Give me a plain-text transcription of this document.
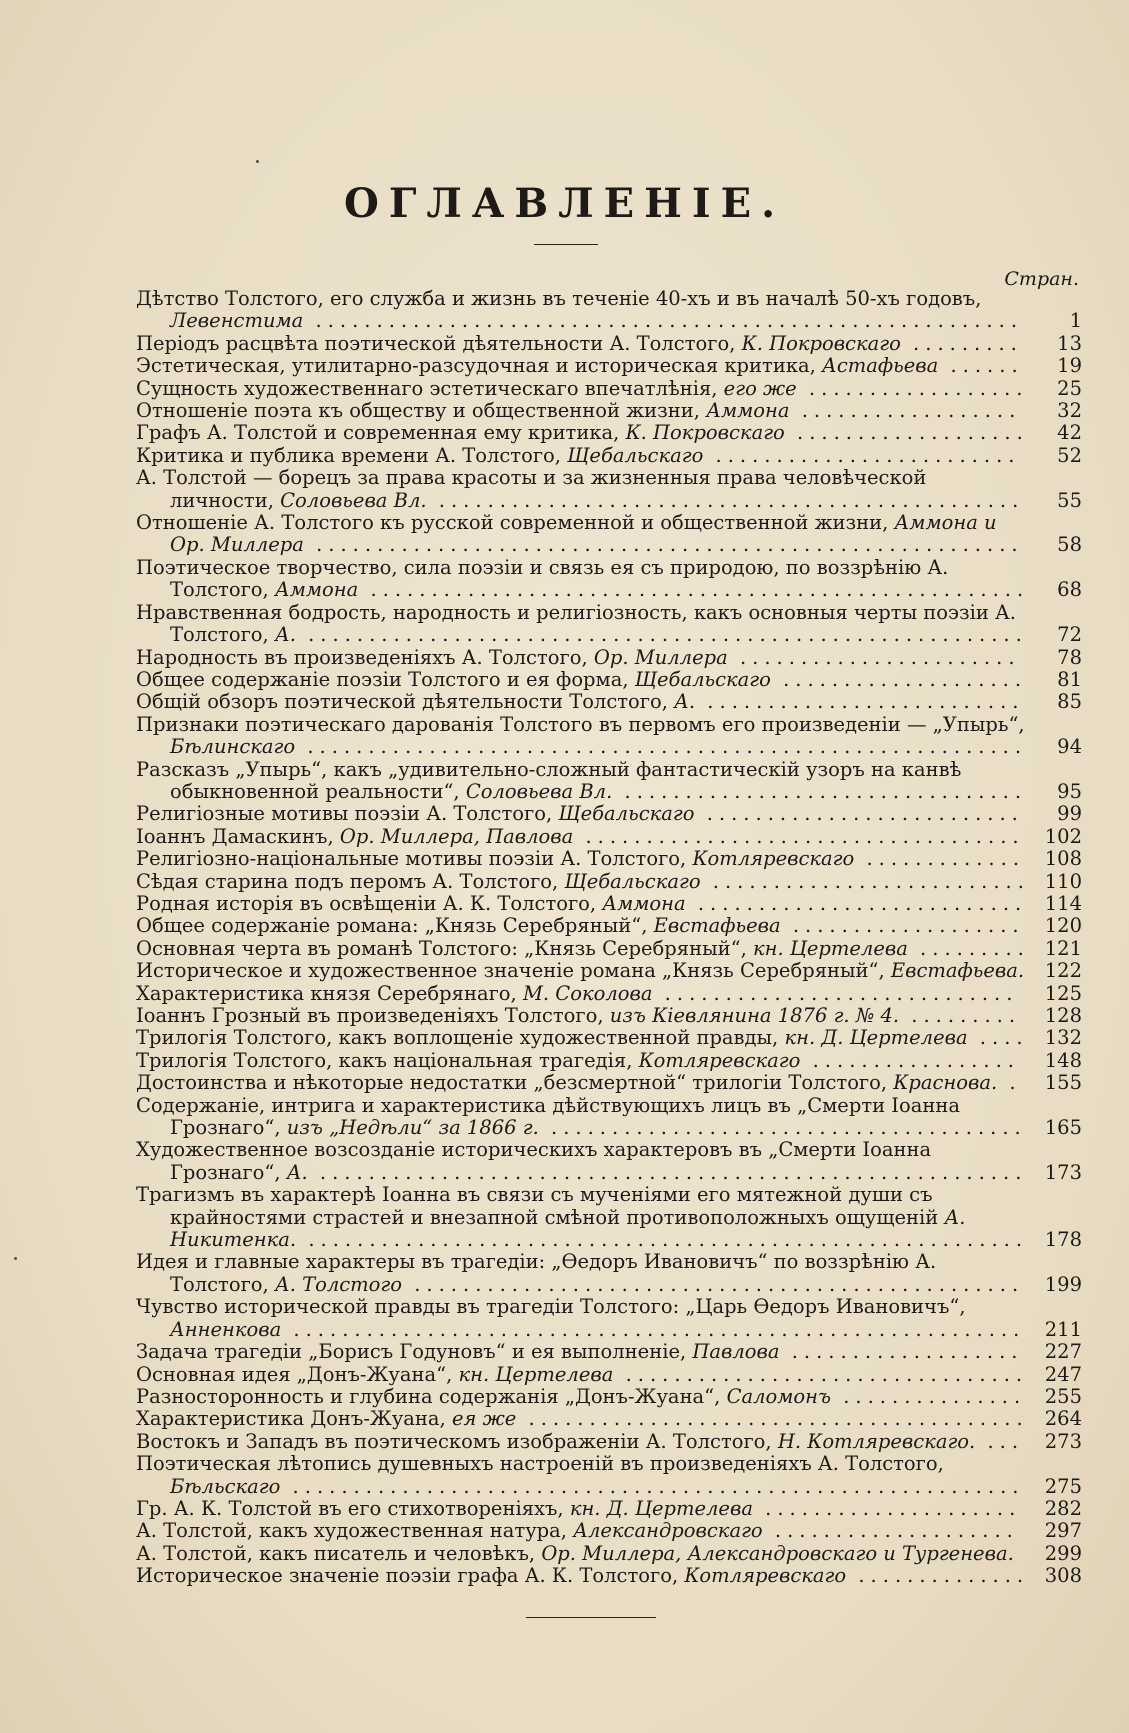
ОГЛАВЛЕНIЕ.
Стран.
Дѣтство Толстого, его служба и жизнь въ теченiе 40-хъ и въ началѣ 50-хъ годовъ, Левенстима ..........................................................	1
Перiодъ расцвѣта поэтической дѣятельности А. Толстого, К. Покровскаго .........	13
Эстетическая, утилитарно-разсудочная и историческая критика, Астафьева ......	19
Сущность художественнаго эстетическаго впечатлѣнiя, его же ..................	25
Отношенiе поэта къ обществу и общественной жизни, Аммона ..................	32
Графъ А. Толстой и современная ему критика, К. Покровскаго ...................	42
Критика и публика времени А. Толстого, Щебальскаго .........................	52
А. Толстой — борецъ за права красоты и за жизненныя права человѣческой личности, Соловьева Вл. ................................................	55
Отношенiе А. Толстого къ русской современной и общественной жизни, Аммона и Ор. Миллера ..........................................................	58
Поэтическое творчество, сила поэзiи и связь ея съ природою, по воззрѣнiю А. Толстого, Аммона ......................................................	68
Нравственная бодрость, народность и религiозность, какъ основныя черты поэзiи А. Толстого, А. ...........................................................	72
Народность въ произведенiяхъ А. Толстого, Ор. Миллера .......................	78
Общее содержанiе поэзiи Толстого и ея форма, Щебальскаго ....................	81
Общiй обзоръ поэтической дѣятельности Толстого, А. ..........................	85
Признаки поэтическаго дарованiя Толстого въ первомъ его произведенiи — „Упырь“, Бѣлинскаго ...........................................................	94
Разсказъ „Упырь“, какъ „удивительно-сложный фантастическiй узоръ на канвѣ обыкновенной реальности“, Соловьева Вл. .................................	95
Религiозные мотивы поэзiи А. Толстого, Щебальскаго ..........................	99
Iоаннъ Дамаскинъ, Ор. Миллера, Павлова ....................................	102
Религiозно-нацiональные мотивы поэзiи А. Толстого, Котляревскаго .............	108
Сѣдая старина подъ перомъ А. Толстого, Щебальскаго .......................... 110
Родная исторiя въ освѣщенiи А. К. Толстого, Аммона ........................... 114
Общее содержанiе романа: „Князь Серебряный“, Евстафьева ...................	120
Основная черта въ романѣ Толстого: „Князь Серебряный“, кн. Цертелева ......... 121
Историческое и художественное значенiе романа „Князь Серебряный“, Евстафьева.	122
Характеристика князя Серебрянаго, М. Соколова .............................	125
Iоаннъ Грозный въ произведенiяхъ Толстого, изъ Кiевлянина 1876 г. № 4. .........	128
Трилогiя Толстого, какъ воплощенiе художественной правды, кн. Д. Цертелева .... 132
Трилогiя Толстого, какъ нацiональная трагедiя, Котляревскаго .................	148
Достоинства и нѣкоторые недостатки „безсмертной“ трилогiи Толстого, Краснова. .	155
Содержанiе, интрига и характеристика дѣйствующихъ лицъ въ „Смерти Iоанна Грознаго“, изъ „Недѣли“ за 1866 г. ....................................... 165
Художественное возсозданiе историческихъ характеровъ въ „Смерти Iоанна Грознаго“, А. .......................................................... 173
Трагизмъ въ характерѣ Iоанна въ связи съ мученiями его мятежной души съ крайностями страстей и внезапной смѣной противоположныхъ ощущенiй А. Никитенка. ........................................................... 178
Идея и главные характеры въ трагедiи: „Ѳедоръ Ивановичъ“ по воззрѣнiю А. Толстого, А. Толстого ..................................................	199
Чувство исторической правды въ трагедiи Толстого: „Царь Ѳедоръ Ивановичъ“, Анненкова ............................................................ 211
Задача трагедiи „Борисъ Годуновъ“ и ея выполненiе, Павлова ...................	227
Основная идея „Донъ-Жуана“, кн. Цертелева ................................. 247
Разносторонность и глубина содержанiя „Донъ-Жуана“, Саломонъ ............... 255
Характеристика Донъ-Жуана, ея же ......................................... 264
Востокъ и Западъ въ поэтическомъ изображенiи А. Толстого, Н. Котляревскаго. ...	273
Поэтическая лѣтопись душевныхъ настроенiй въ произведенiяхъ А. Толстого, Бѣльскаго ............................................................	275
Гр. А. К. Толстой въ его стихотворенiяхъ, кн. Д. Цертелева .....................	282
А. Толстой, какъ художественная натура, Александровскаго ....................	297
А. Толстой, какъ писатель и человѣкъ, Ор. Миллера, Александровскаго и Тургенева.	299
Историческое значенiе поэзiи графа А. К. Толстого, Котляревскаго .............. 308
